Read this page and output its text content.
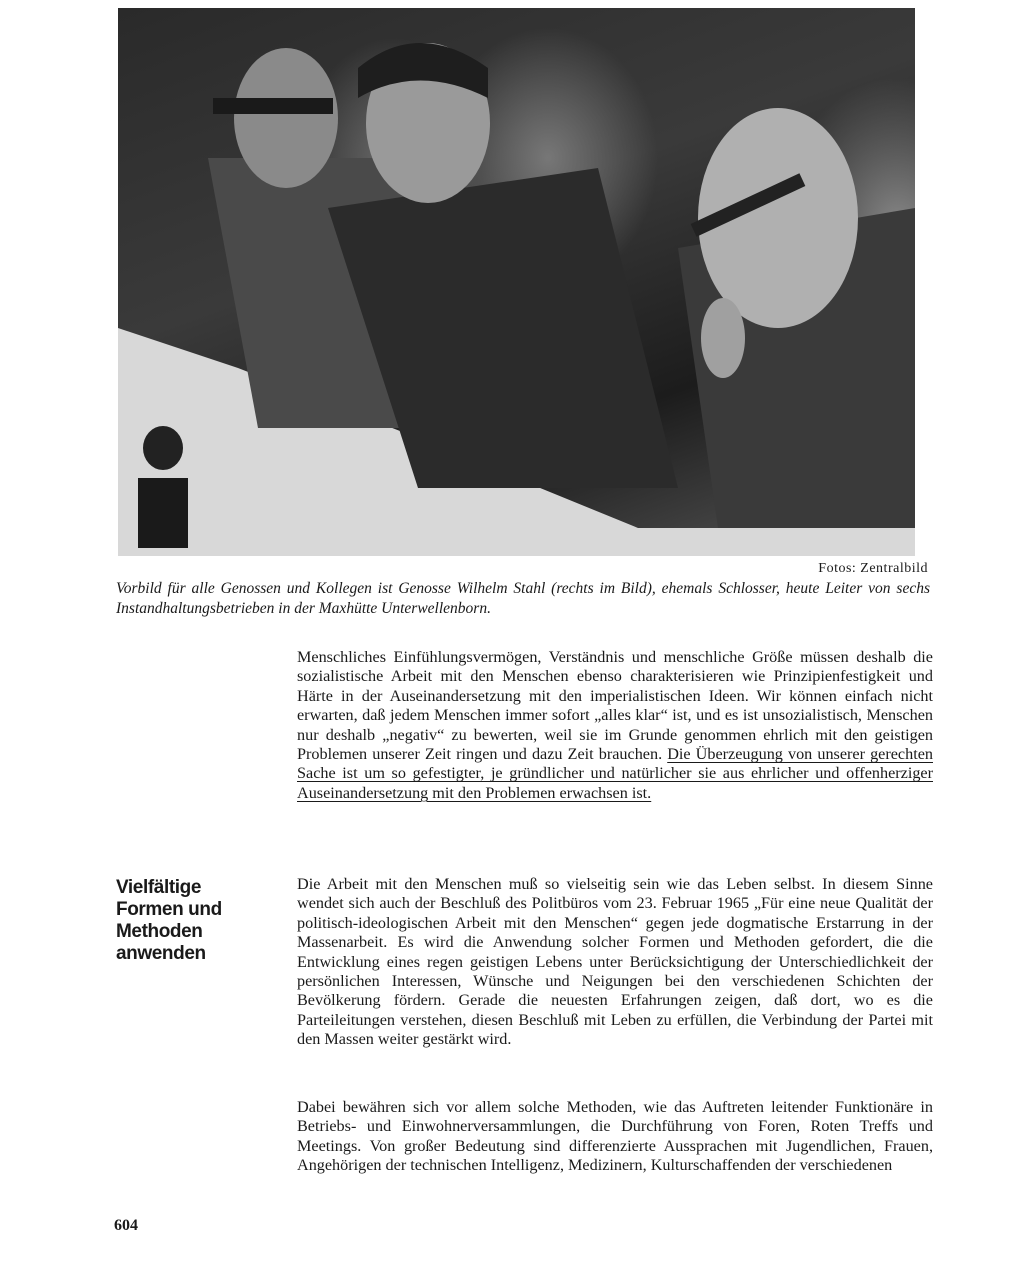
Fotos: Zentralbild
Vorbild für alle Genossen und Kollegen ist Genosse Wilhelm Stahl (rechts im Bild), ehemals Schlosser, heute Leiter von sechs Instandhaltungsbetrieben in der Maxhütte Unterwellenborn.

Menschliches Einfühlungsvermögen, Verständnis und menschliche Größe müssen deshalb die sozialistische Arbeit mit den Menschen ebenso charakterisieren wie Prinzipienfestigkeit und Härte in der Auseinandersetzung mit den imperialistischen Ideen. Wir können einfach nicht erwarten, daß jedem Menschen immer sofort „alles klar“ ist, und es ist unsozialistisch, Menschen nur deshalb „negativ“ zu bewerten, weil sie im Grunde genommen ehrlich mit den geistigen Problemen unserer Zeit ringen und dazu Zeit brauchen. Die Überzeugung von unserer gerechten Sache ist um so gefestigter, je gründlicher und natürlicher sie aus ehrlicher und offenherziger Auseinandersetzung mit den Problemen erwachsen ist.

Vielfältige Formen und Methoden anwenden

Die Arbeit mit den Menschen muß so vielseitig sein wie das Leben selbst. In diesem Sinne wendet sich auch der Beschluß des Politbüros vom 23. Februar 1965 „Für eine neue Qualität der politisch-ideologischen Arbeit mit den Menschen“ gegen jede dogmatische Erstarrung in der Massenarbeit. Es wird die Anwendung solcher Formen und Methoden gefordert, die die Entwicklung eines regen geistigen Lebens unter Berücksichtigung der Unterschiedlichkeit der persönlichen Interessen, Wünsche und Neigungen bei den verschiedenen Schichten der Bevölkerung fördern. Gerade die neuesten Erfahrungen zeigen, daß dort, wo es die Parteileitungen verstehen, diesen Beschluß mit Leben zu erfüllen, die Verbindung der Partei mit den Massen weiter gestärkt wird.

Dabei bewähren sich vor allem solche Methoden, wie das Auftreten leitender Funktionäre in Betriebs- und Einwohnerversammlungen, die Durchführung von Foren, Roten Treffs und Meetings. Von großer Bedeutung sind differenzierte Aussprachen mit Jugendlichen, Frauen, Angehörigen der technischen Intelligenz, Medizinern, Kulturschaffenden der verschiedenen

604
